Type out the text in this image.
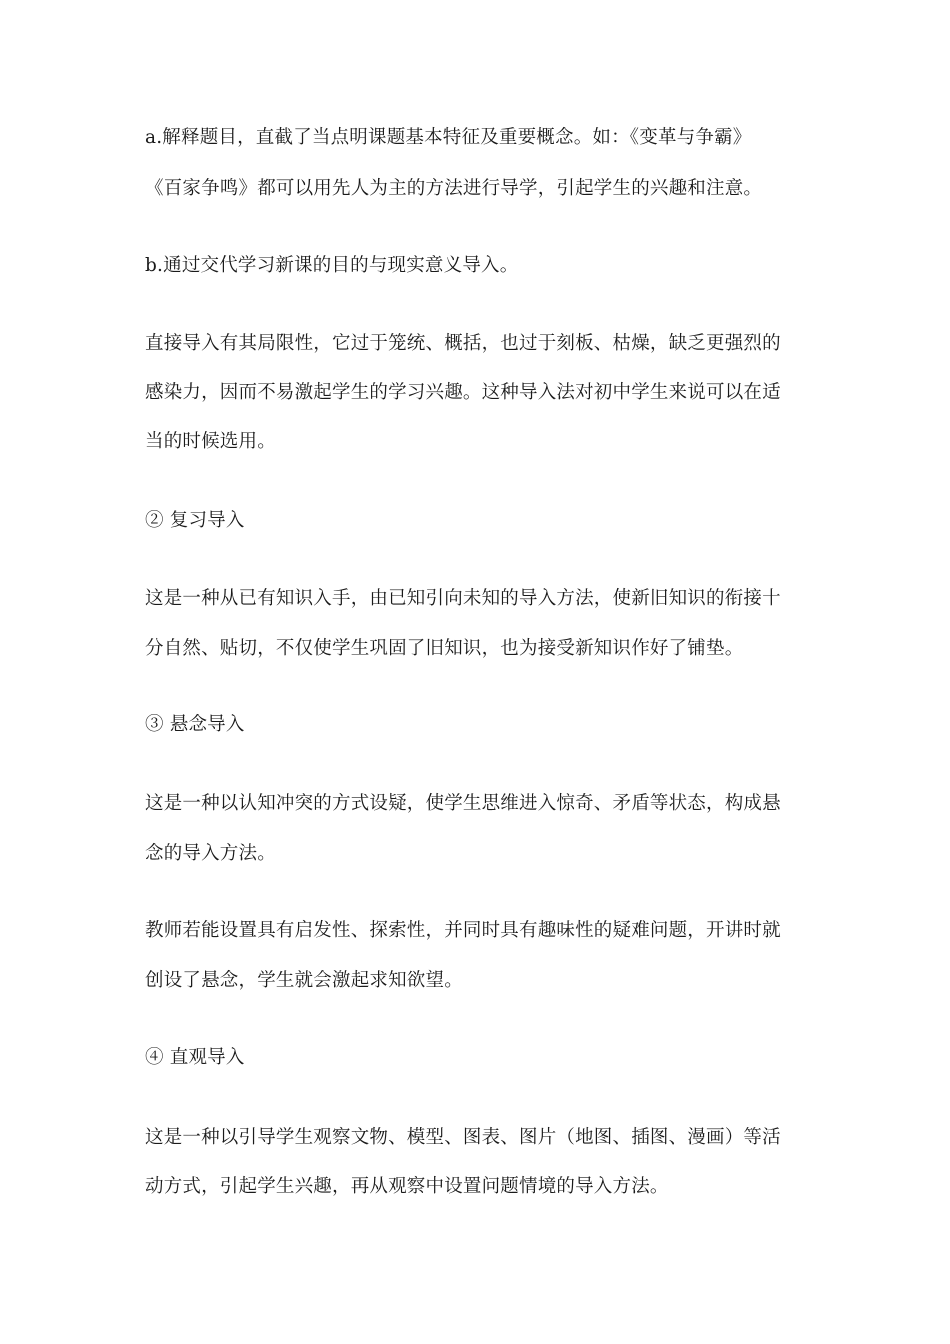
a.解释题目，直截了当点明课题基本特征及重要概念。如：《变革与争霸》
《百家争鸣》都可以用先人为主的方法进行导学，引起学生的兴趣和注意。
b.通过交代学习新课的目的与现实意义导入。
直接导入有其局限性，它过于笼统、概括，也过于刻板、枯燥，缺乏更强烈的
感染力，因而不易激起学生的学习兴趣。这种导入法对初中学生来说可以在适
当的时候选用。
② 复习导入
这是一种从已有知识入手，由已知引向未知的导入方法，使新旧知识的衔接十
分自然、贴切，不仅使学生巩固了旧知识，也为接受新知识作好了铺垫。
③ 悬念导入
这是一种以认知冲突的方式设疑，使学生思维进入惊奇、矛盾等状态，构成悬
念的导入方法。
教师若能设置具有启发性、探索性，并同时具有趣味性的疑难问题，开讲时就
创设了悬念，学生就会激起求知欲望。
④ 直观导入
这是一种以引导学生观察文物、模型、图表、图片（地图、插图、漫画）等活
动方式，引起学生兴趣，再从观察中设置问题情境的导入方法。
